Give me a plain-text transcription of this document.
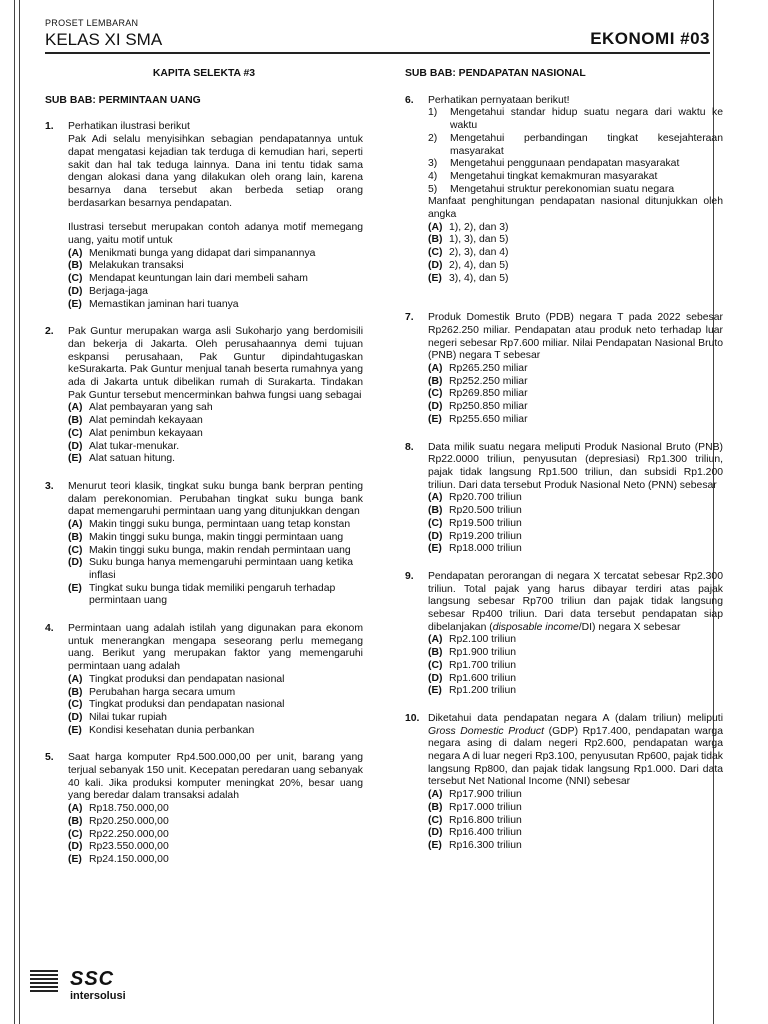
PROSET LEMBARAN
KELAS XI SMA	EKONOMI #03
KAPITA SELEKTA #3
SUB BAB: PERMINTAAN UANG
1. Perhatikan ilustrasi berikut
Pak Adi selalu menyisihkan sebagian pendapatannya untuk dapat mengatasi kejadian tak terduga di kemudian hari, seperti sakit dan hal tak teduga lainnya. Dana ini tentu tidak sama dengan alokasi dana yang dilakukan oleh orang lain, karena besarnya dana tersebut akan berbeda setiap orang berdasarkan besarnya pendapatan.
Ilustrasi tersebut merupakan contoh adanya motif memegang uang, yaitu motif untuk
(A) Menikmati bunga yang didapat dari simpanannya
(B) Melakukan transaksi
(C) Mendapat keuntungan lain dari membeli saham
(D) Berjaga-jaga
(E) Memastikan jaminan hari tuanya
2. Pak Guntur merupakan warga asli Sukoharjo yang berdomisili dan bekerja di Jakarta. Oleh perusahaannya demi tujuan eskpansi perusahaan, Pak Guntur dipindahtugaskan keSurakarta. Pak Guntur menjual tanah beserta rumahnya yang ada di Jakarta untuk dibelikan rumah di Surakarta. Tindakan Pak Guntur tersebut mencerminkan bahwa fungsi uang sebagai
(A) Alat pembayaran yang sah
(B) Alat pemindah kekayaan
(C) Alat penimbun kekayaan
(D) Alat tukar-menukar.
(E) Alat satuan hitung.
3. Menurut teori klasik, tingkat suku bunga bank berpran penting dalam perekonomian. Perubahan tingkat suku bunga bank dapat memengaruhi permintaan uang yang ditunjukkan dengan
(A) Makin tinggi suku bunga, permintaan uang tetap konstan
(B) Makin tinggi suku bunga, makin tinggi permintaan uang
(C) Makin tinggi suku bunga, makin rendah permintaan uang
(D) Suku bunga hanya memengaruhi permintaan uang ketika inflasi
(E) Tingkat suku bunga tidak memiliki pengaruh terhadap permintaan uang
4. Permintaan uang adalah istilah yang digunakan para ekonom untuk menerangkan mengapa seseorang perlu memegang uang. Berikut yang merupakan faktor yang memengaruhi permintaan uang adalah
(A) Tingkat produksi dan pendapatan nasional
(B) Perubahan harga secara umum
(C) Tingkat produksi dan pendapatan nasional
(D) Nilai tukar rupiah
(E) Kondisi kesehatan dunia perbankan
5. Saat harga komputer Rp4.500.000,00 per unit, barang yang terjual sebanyak 150 unit. Kecepatan peredaran uang sebanyak 40 kali. Jika produksi komputer meningkat 20%, besar uang yang beredar dalam transaksi adalah
(A) Rp18.750.000,00
(B) Rp20.250.000,00
(C) Rp22.250.000,00
(D) Rp23.550.000,00
(E) Rp24.150.000,00
SUB BAB: PENDAPATAN NASIONAL
6. Perhatikan pernyataan berikut!
1) Mengetahui standar hidup suatu negara dari waktu ke waktu
2) Mengetahui perbandingan tingkat kesejahteraan masyarakat
3) Mengetahui penggunaan pendapatan masyarakat
4) Mengetahui tingkat kemakmuran masyarakat
5) Mengetahui struktur perekonomian suatu negara
Manfaat penghitungan pendapatan nasional ditunjukkan oleh angka
(A) 1), 2), dan 3)
(B) 1), 3), dan 5)
(C) 2), 3), dan 4)
(D) 2), 4), dan 5)
(E) 3), 4), dan 5)
7. Produk Domestik Bruto (PDB) negara T pada 2022 sebesar Rp262.250 miliar. Pendapatan atau produk neto terhadap luar negeri sebesar Rp7.600 miliar. Nilai Pendapatan Nasional Bruto (PNB) negara T sebesar
(A) Rp265.250 miliar
(B) Rp252.250 miliar
(C) Rp269.850 miliar
(D) Rp250.850 miliar
(E) Rp255.650 miliar
8. Data milik suatu negara meliputi Produk Nasional Bruto (PNB) Rp22.0000 triliun, penyusutan (depresiasi) Rp1.300 triliun, pajak tidak langsung Rp1.500 triliun, dan subsidi Rp1.200 triliun. Dari data tersebut Produk Nasional Neto (PNN) sebesar
(A) Rp20.700 triliun
(B) Rp20.500 triliun
(C) Rp19.500 triliun
(D) Rp19.200 triliun
(E) Rp18.000 triliun
9. Pendapatan perorangan di negara X tercatat sebesar Rp2.300 triliun. Total pajak yang harus dibayar terdiri atas pajak langsung sebesar Rp700 triliun dan pajak tidak langsung sebesar Rp400 triliun. Dari data tersebut pendapatan siap dibelanjakan (disposable income/DI) negara X sebesar
(A) Rp2.100 triliun
(B) Rp1.900 triliun
(C) Rp1.700 triliun
(D) Rp1.600 triliun
(E) Rp1.200 triliun
10. Diketahui data pendapatan negara A (dalam triliun) meliputi Gross Domestic Product (GDP) Rp17.400, pendapatan warga negara asing di dalam negeri Rp2.600, pendapatan warga negara A di luar negeri Rp3.100, penyusutan Rp600, pajak tidak langsung Rp800, dan pajak tidak langsung Rp1.000. Dari data tersebut Net National Income (NNI) sebesar
(A) Rp17.900 triliun
(B) Rp17.000 triliun
(C) Rp16.800 triliun
(D) Rp16.400 triliun
(E) Rp16.300 triliun
SSC
intersolusi
